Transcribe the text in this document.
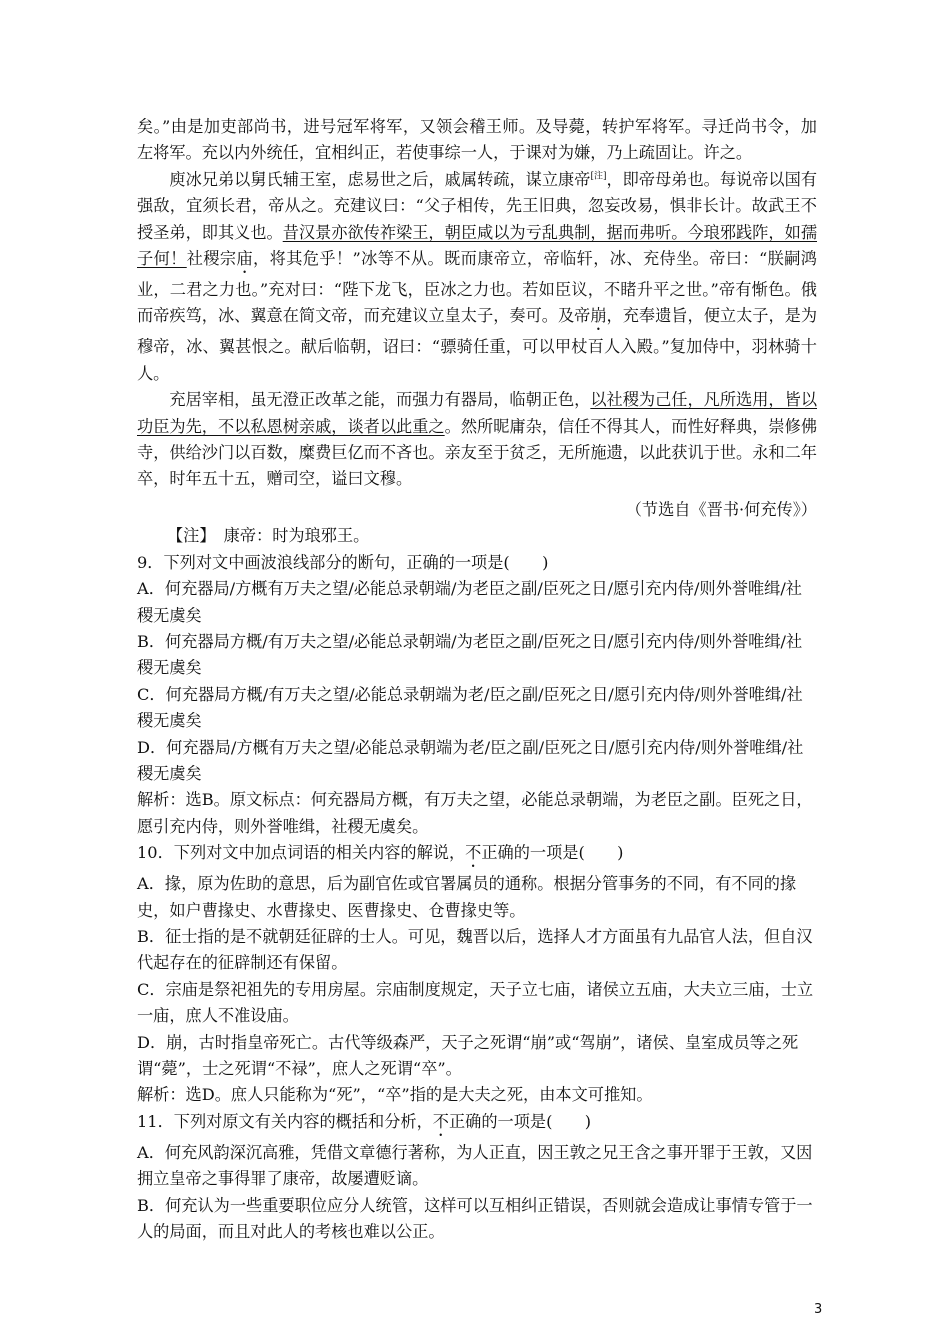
矣。”由是加吏部尚书，进号冠军将军，又领会稽王师。及导薨，转护军将军。寻迁尚书令，加左将军。充以内外统任，宜相纠正，若使事综一人，于课对为嫌，乃上疏固让。许之。

庾冰兄弟以舅氏辅王室，虑易世之后，戚属转疏，谋立康帝[注]，即帝母弟也。每说帝以国有强敌，宜须长君，帝从之。充建议曰：“父子相传，先王旧典，忽妄改易，惧非长计。故武王不授圣弟，即其义也。昔汉景亦欲传祚梁王，朝臣咸以为亏乱典制，据而弗听。今琅邪践阼，如孺子何！社稷宗庙，将其危乎！”冰等不从。既而康帝立，帝临轩，冰、充侍坐。帝曰：“朕嗣鸿业，二君之力也。”充对曰：“陛下龙飞，臣冰之力也。若如臣议，不睹升平之世。”帝有惭色。俄而帝疾笃，冰、翼意在简文帝，而充建议立皇太子，奏可。及帝崩，充奉遗旨，便立太子，是为穆帝，冰、翼甚恨之。献后临朝，诏曰：“骠骑任重，可以甲杖百人入殿。”复加侍中，羽林骑十人。

充居宰相，虽无澄正改革之能，而强力有器局，临朝正色，以社稷为己任，凡所选用，皆以功臣为先，不以私恩树亲戚，谈者以此重之。然所昵庸杂，信任不得其人，而性好释典，崇修佛寺，供给沙门以百数，糜费巨亿而不吝也。亲友至于贫乏，无所施遗，以此获讥于世。永和二年卒，时年五十五，赠司空，谥曰文穆。

（节选自《晋书·何充传》）

【注】　康帝：时为琅邪王。

9．下列对文中画波浪线部分的断句，正确的一项是(　　)

A．何充器局/方概有万夫之望/必能总录朝端/为老臣之副/臣死之日/愿引充内侍/则外誉唯缉/社稷无虞矣

B．何充器局方概/有万夫之望/必能总录朝端/为老臣之副/臣死之日/愿引充内侍/则外誉唯缉/社稷无虞矣

C．何充器局方概/有万夫之望/必能总录朝端为老/臣之副/臣死之日/愿引充内侍/则外誉唯缉/社稷无虞矣

D．何充器局/方概有万夫之望/必能总录朝端为老/臣之副/臣死之日/愿引充内侍/则外誉唯缉/社稷无虞矣

解析：选B。原文标点：何充器局方概，有万夫之望，必能总录朝端，为老臣之副。臣死之日，愿引充内侍，则外誉唯缉，社稷无虞矣。

10．下列对文中加点词语的相关内容的解说，不正确的一项是(　　)

A．掾，原为佐助的意思，后为副官佐或官署属员的通称。根据分管事务的不同，有不同的掾史，如户曹掾史、水曹掾史、医曹掾史、仓曹掾史等。

B．征士指的是不就朝廷征辟的士人。可见，魏晋以后，选择人才方面虽有九品官人法，但自汉代起存在的征辟制还有保留。

C．宗庙是祭祀祖先的专用房屋。宗庙制度规定，天子立七庙，诸侯立五庙，大夫立三庙，士立一庙，庶人不准设庙。

D．崩，古时指皇帝死亡。古代等级森严，天子之死谓“崩”或“驾崩”，诸侯、皇室成员等之死谓“薨”，士之死谓“不禄”，庶人之死谓“卒”。

解析：选D。庶人只能称为“死”，“卒”指的是大夫之死，由本文可推知。

11．下列对原文有关内容的概括和分析，不正确的一项是(　　)

A．何充风韵深沉高雅，凭借文章德行著称，为人正直，因王敦之兄王含之事开罪于王敦，又因拥立皇帝之事得罪了康帝，故屡遭贬谪。

B．何充认为一些重要职位应分人统管，这样可以互相纠正错误，否则就会造成让事情专管于一人的局面，而且对此人的考核也难以公正。

3
